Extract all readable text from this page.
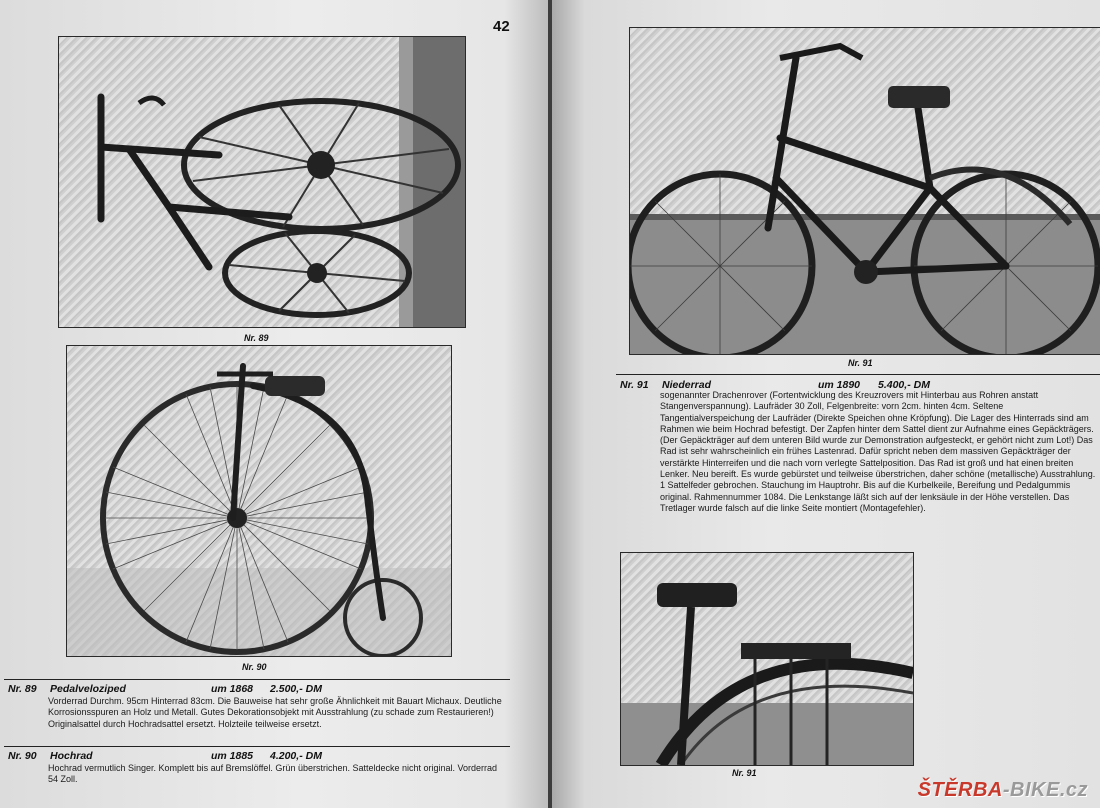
42
Nr. 89
Nr. 90
Nr. 89 Pedalveloziped	um 1868 2.500,- DM
Vorderrad Durchm. 95cm Hinterrad 83cm. Die Bauweise hat sehr große Ähnlichkeit mit Bauart Michaux. Deutliche Korrosionsspuren an Holz und Metall. Gutes Dekorationsobjekt mit Ausstrahlung (zu schade zum Restaurieren!) Originalsattel durch Hochradsattel ersetzt. Holzteile teilweise ersetzt.
Nr. 90 Hochrad	um 1885 4.200,- DM
Hochrad vermutlich Singer. Komplett bis auf Bremslöffel. Grün überstrichen. Satteldecke nicht original. Vorderrad 54 Zoll.
Nr. 91
Nr. 91 Niederrad	um 1890 5.400,- DM
sogenannter Drachenrover (Fortentwicklung des Kreuzrovers mit Hinterbau aus Rohren anstatt Stangenverspannung). Laufräder 30 Zoll, Felgenbreite: vorn 2cm. hinten 4cm. Seltene Tangentialverspeichung der Laufräder (Direkte Speichen ohne Kröpfung). Die Lager des Hinterrads sind am Rahmen wie beim Hochrad befestigt. Der Zapfen hinter dem Sattel dient zur Aufnahme eines Gepäckträgers. (Der Gepäckträger auf dem unteren Bild wurde zur Demonstration aufgesteckt, er gehört nicht zum Lot!) Das Rad ist sehr wahrscheinlich ein frühes Lastenrad. Dafür spricht neben dem massiven Gepäckträger der verstärkte Hinterreifen und die nach vorn verlegte Sattelposition. Das Rad ist groß und hat einen breiten Lenker. Neu bereift. Es wurde gebürstet und teilweise überstrichen, daher schöne (metallische) Ausstrahlung. 1 Sattelfeder gebrochen. Stauchung im Hauptrohr. Bis auf die Kurbelkeile, Bereifung und Pedalgummis original. Rahmennummer 1084. Die Lenkstange läßt sich auf der lenksäule in der Höhe verstellen. Das Tretlager wurde falsch auf die linke Seite montiert (Montagefehler).
Nr. 91
ŠTĚRBA-BIKE.cz
